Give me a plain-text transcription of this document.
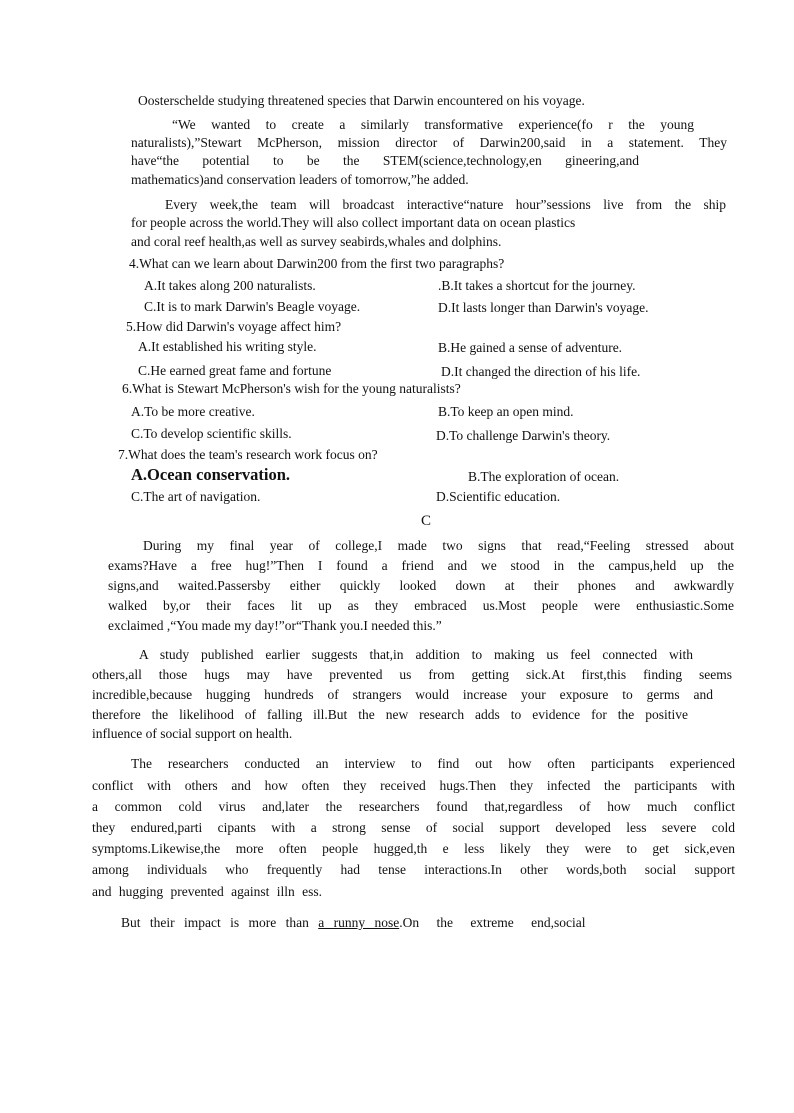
Oosterschelde studying threatened species that Darwin encountered on his voyage.
“We wanted to create a similarly transformative experience(fo r the young
naturalists),”Stewart McPherson, mission director of Darwin200,said in a statement. They
have“the potential to be the STEM(science,technology,en gineering,and
mathematics)and conservation leaders of tomorrow,”he added.
Every week,the team will broadcast interactive“nature hour”sessions live from the ship
for people across the world.They will also collect important data on ocean plastics
and coral reef health,as well as survey seabirds,whales and dolphins.
4.What can we learn about Darwin200 from the first two paragraphs?
A.It takes along 200 naturalists.	.B.It takes a shortcut for the journey.
C.It is to mark Darwin's Beagle voyage.	D.It lasts longer than Darwin's voyage.
5.How did Darwin's voyage affect him?
A.It established his writing style.	B.He gained a sense of adventure.
C.He earned great fame and fortune	D.It changed the direction of his life.
6.What is Stewart McPherson's wish for the young naturalists?
A.To be more creative.	B.To keep an open mind.
C.To develop scientific skills.	D.To challenge Darwin's theory.
7.What does the team's research work focus on?
A.Ocean conservation.	B.The exploration of ocean.
C.The art of navigation.	D.Scientific education.
C
During my final year of college,I made two signs that read,“Feeling stressed about
exams?Have a free hug!”Then I found a friend and we stood in the campus,held up the
signs,and waited.Passersby either quickly looked down at their phones and awkwardly
walked by,or their faces lit up as they embraced us.Most people were enthusiastic.Some
exclaimed ,“You made my day!”or“Thank you.I needed this.”
A study published earlier suggests that,in addition to making us feel connected with
others,all those hugs may have prevented us from getting sick.At first,this finding seems
incredible,because hugging hundreds of strangers would increase your exposure to germs and
therefore the likelihood of falling ill.But the new research adds to evidence for the positive
influence of social support on health.
The researchers conducted an interview to find out how often participants experienced
conflict with others and how often they received hugs.Then they infected the participants with
a common cold virus and,later the researchers found that,regardless of how much conflict
they endured,parti cipants with a strong sense of social support developed less severe cold
symptoms.Likewise,the more often people hugged,th e less likely they were to get sick,even
among individuals who frequently had tense interactions.In other words,both social support
and hugging prevented against illn ess.
But their impact is more than a runny nose.On the extreme end,social
